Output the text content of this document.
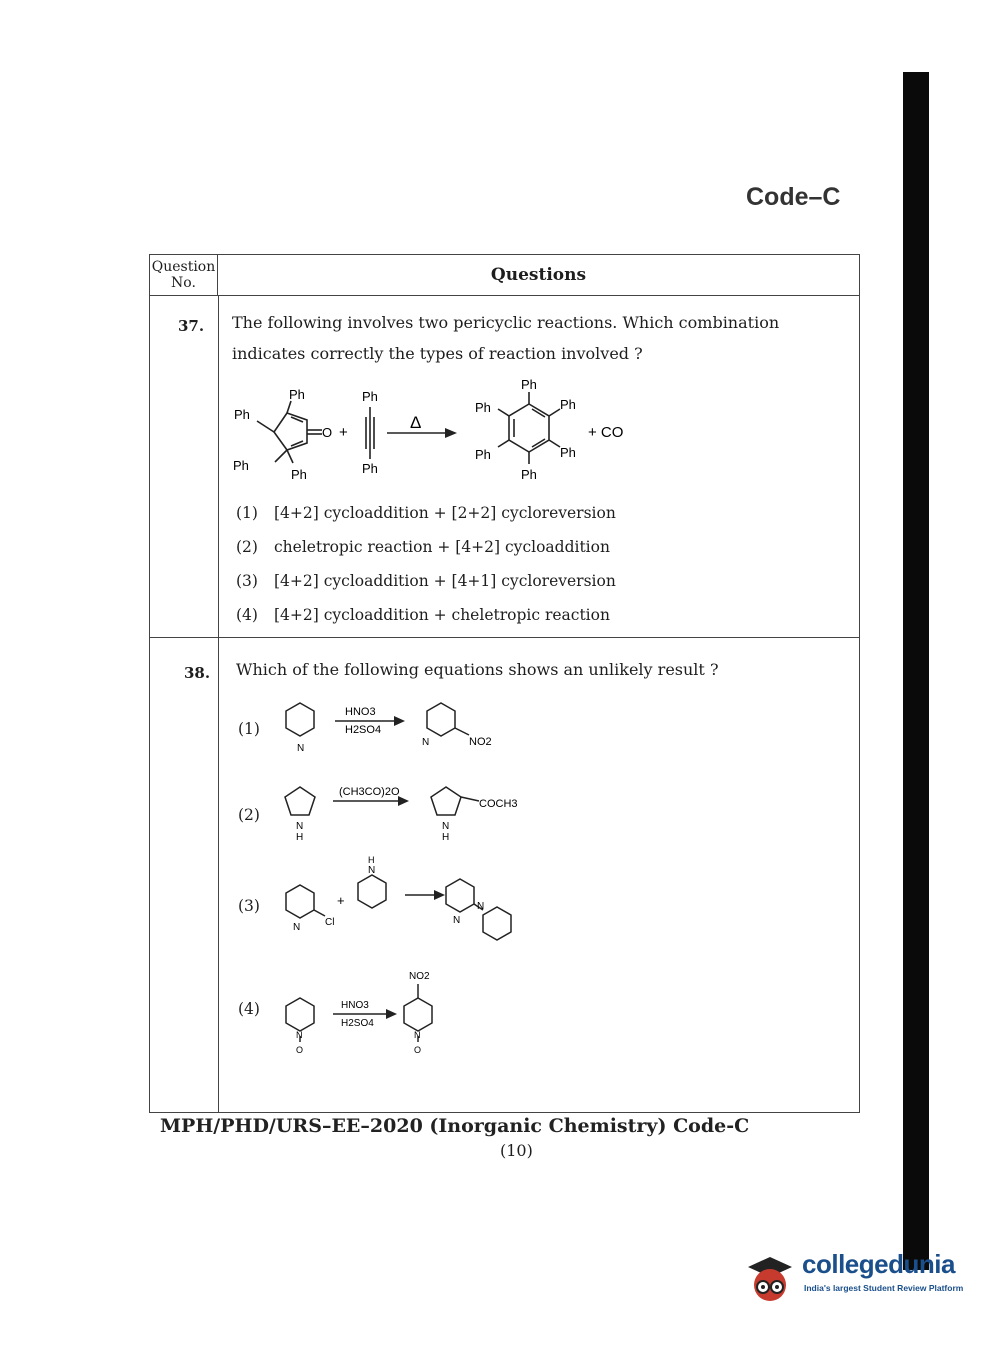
Code–C
Question No.	Questions
37. The following involves two pericyclic reactions. Which combination indicates correctly the types of reaction involved ?
Ph
Ph
Ph
Ph
O +
Ph
Ph
Δ
Ph
Ph	Ph
Ph	Ph
Ph
+ CO
(1) [4+2] cycloaddition + [2+2] cycloreversion
(2) cheletropic reaction + [4+2] cycloaddition
(3) [4+2] cycloaddition + [4+1] cycloreversion
(4) [4+2] cycloaddition + cheletropic reaction
38. Which of the following equations shows an unlikely result ?
(1)
N
N
HNO3
H2SO4
NO2
(2)
N
H
N
H
(CH3CO)2O
COCH3
(3)
N Cl
+
H
N
N
N
(4)
N
O
N
O
NO2
HNO3
H2SO4
MPH/PHD/URS–EE–2020 (Inorganic Chemistry) Code-C
(10)
collegedunia
India's largest Student Review Platform
